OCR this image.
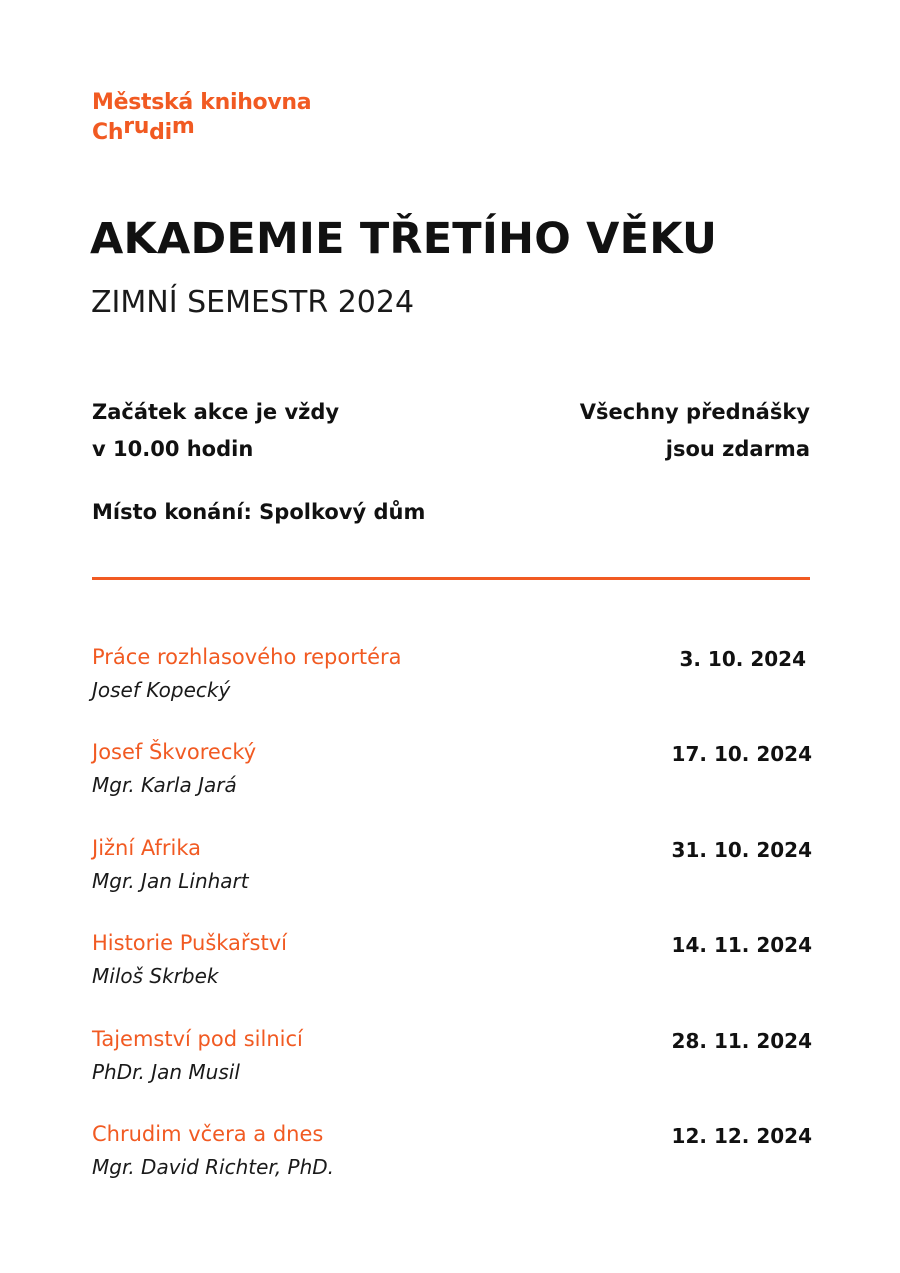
Městská knihovna
Ch ru di m
AKADEMIE TŘETÍHO VĚKU
ZIMNÍ SEMESTR 2024
Začátek akce je vždy
v 10.00 hodin
Všechny přednášky
jsou zdarma
Místo konání: Spolkový dům
Práce rozhlasového reportéra
Josef Kopecký
3. 10. 2024
Josef Škvorecký
Mgr. Karla Jará
17. 10. 2024
Jižní Afrika
Mgr. Jan Linhart
31. 10. 2024
Historie Puškařství
Miloš Skrbek
14. 11. 2024
Tajemství pod silnicí
PhDr. Jan Musil
28. 11. 2024
Chrudim včera a dnes
Mgr. David Richter, PhD.
12. 12. 2024
